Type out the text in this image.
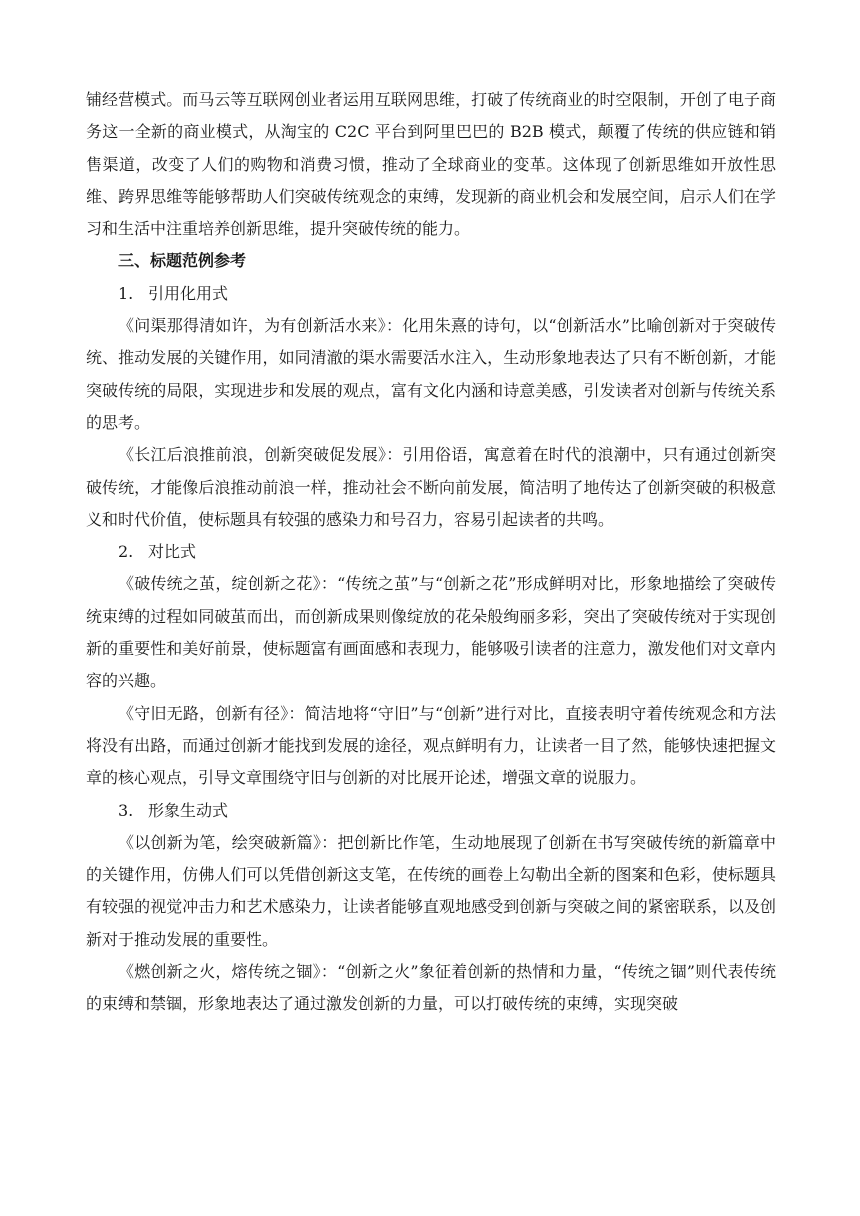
铺经营模式。而马云等互联网创业者运用互联网思维，打破了传统商业的时空限制，开创了电子商务这一全新的商业模式，从淘宝的 C2C 平台到阿里巴巴的 B2B 模式，颠覆了传统的供应链和销售渠道，改变了人们的购物和消费习惯，推动了全球商业的变革。这体现了创新思维如开放性思维、跨界思维等能够帮助人们突破传统观念的束缚，发现新的商业机会和发展空间，启示人们在学习和生活中注重培养创新思维，提升突破传统的能力。

三、标题范例参考

1. 引用化用式

《问渠那得清如许，为有创新活水来》：化用朱熹的诗句，以“创新活水”比喻创新对于突破传统、推动发展的关键作用，如同清澈的渠水需要活水注入，生动形象地表达了只有不断创新，才能突破传统的局限，实现进步和发展的观点，富有文化内涵和诗意美感，引发读者对创新与传统关系的思考。

《长江后浪推前浪，创新突破促发展》：引用俗语，寓意着在时代的浪潮中，只有通过创新突破传统，才能像后浪推动前浪一样，推动社会不断向前发展，简洁明了地传达了创新突破的积极意义和时代价值，使标题具有较强的感染力和号召力，容易引起读者的共鸣。

2. 对比式

《破传统之茧，绽创新之花》：“传统之茧”与“创新之花”形成鲜明对比，形象地描绘了突破传统束缚的过程如同破茧而出，而创新成果则像绽放的花朵般绚丽多彩，突出了突破传统对于实现创新的重要性和美好前景，使标题富有画面感和表现力，能够吸引读者的注意力，激发他们对文章内容的兴趣。

《守旧无路，创新有径》：简洁地将“守旧”与“创新”进行对比，直接表明守着传统观念和方法将没有出路，而通过创新才能找到发展的途径，观点鲜明有力，让读者一目了然，能够快速把握文章的核心观点，引导文章围绕守旧与创新的对比展开论述，增强文章的说服力。

3. 形象生动式

《以创新为笔，绘突破新篇》：把创新比作笔，生动地展现了创新在书写突破传统的新篇章中的关键作用，仿佛人们可以凭借创新这支笔，在传统的画卷上勾勒出全新的图案和色彩，使标题具有较强的视觉冲击力和艺术感染力，让读者能够直观地感受到创新与突破之间的紧密联系，以及创新对于推动发展的重要性。

《燃创新之火，熔传统之锢》：“创新之火”象征着创新的热情和力量，“传统之锢”则代表传统的束缚和禁锢，形象地表达了通过激发创新的力量，可以打破传统的束缚，实现突破
